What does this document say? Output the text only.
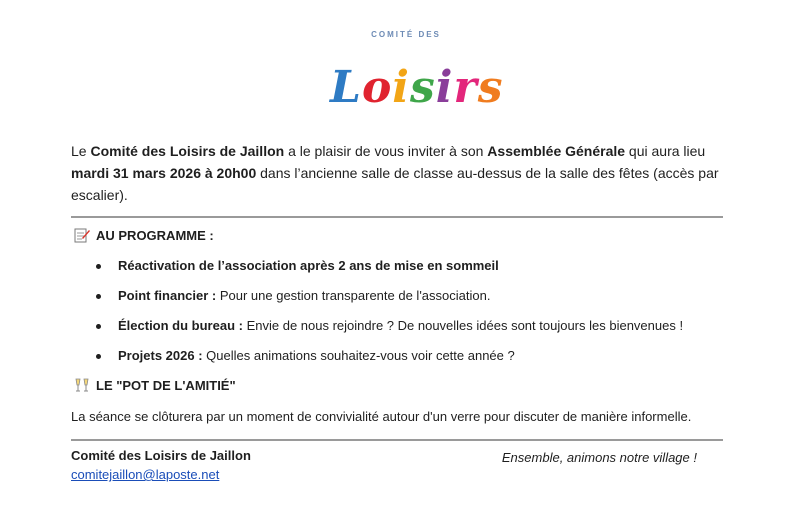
COMITÉ DES
Loisirs
Le Comité des Loisirs de Jaillon a le plaisir de vous inviter à son Assemblée Générale qui aura lieu mardi 31 mars 2026 à 20h00 dans l’ancienne salle de classe au-dessus de la salle des fêtes (accès par escalier).
AU PROGRAMME :
Réactivation de l’association après 2 ans de mise en sommeil
Point financier : Pour une gestion transparente de l'association.
Élection du bureau : Envie de nous rejoindre ? De nouvelles idées sont toujours les bienvenues !
Projets 2026 : Quelles animations souhaitez-vous voir cette année ?
LE "POT DE L'AMITIÉ"
La séance se clôturera par un moment de convivialité autour d'un verre pour discuter de manière informelle.
Comité des Loisirs de Jaillon
comitejaillon@laposte.net
Ensemble, animons notre village !
